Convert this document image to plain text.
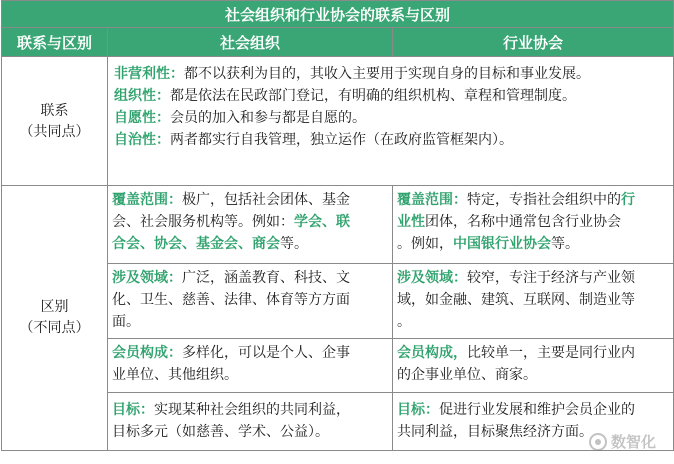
社会组织和行业协会的联系与区别		
联系与区别	社会组织	行业协会

联系
（共同点）	非营利性：都不以获利为目的，其收入主要用于实现自身的目标和事业发展。
组织性：都是依法在民政部门登记，有明确的组织机构、章程和管理制度。
自愿性：会员的加入和参与都是自愿的。
自治性：两者都实行自我管理，独立运作（在政府监管框架内）。	

区别
（不同点）	覆盖范围：极广，包括社会团体、基金
会、社会服务机构等。例如：学会、联
合会、协会、基金会、商会等。	覆盖范围：特定，专指社会组织中的行
业性团体，名称中通常包含行业协会
。例如，中国银行业协会等。

	涉及领域：广泛，涵盖教育、科技、文
化、卫生、慈善、法律、体育等方方面
面。	涉及领域：较窄，专注于经济与产业领
域，如金融、建筑、互联网、制造业等
。

	会员构成：多样化，可以是个人、企事
业单位、其他组织。	会员构成，比较单一，主要是同行业内
的企事业单位、商家。

	目标：实现某种社会组织的共同利益，
目标多元（如慈善、学术、公益）。	目标：促进行业发展和维护会员企业的
共同利益，目标聚焦经济方面。
数智化
